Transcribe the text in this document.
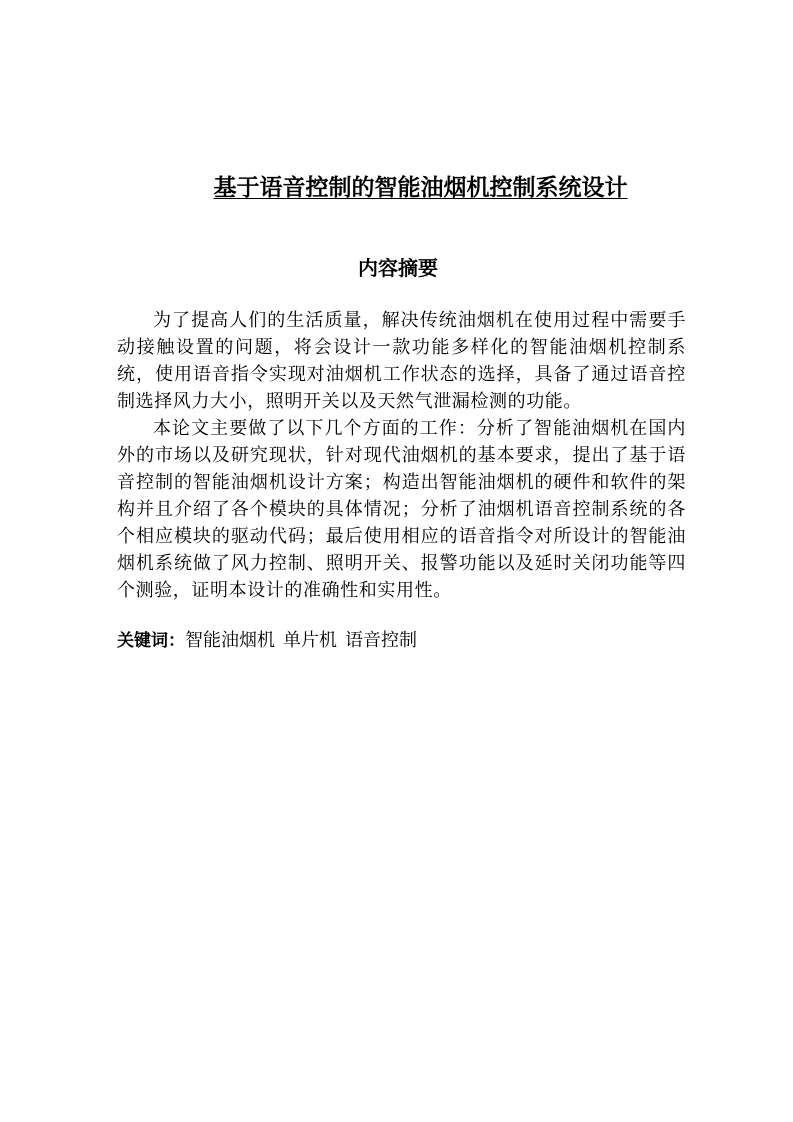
基于语音控制的智能油烟机控制系统设计
内容摘要

为了提高人们的生活质量，解决传统油烟机在使用过程中需要手动接触设置的问题，将会设计一款功能多样化的智能油烟机控制系统，使用语音指令实现对油烟机工作状态的选择，具备了通过语音控制选择风力大小，照明开关以及天然气泄漏检测的功能。

本论文主要做了以下几个方面的工作：分析了智能油烟机在国内外的市场以及研究现状，针对现代油烟机的基本要求，提出了基于语音控制的智能油烟机设计方案；构造出智能油烟机的硬件和软件的架构并且介绍了各个模块的具体情况；分析了油烟机语音控制系统的各个相应模块的驱动代码；最后使用相应的语音指令对所设计的智能油烟机系统做了风力控制、照明开关、报警功能以及延时关闭功能等四个测验，证明本设计的准确性和实用性。

关键词：智能油烟机 单片机 语音控制
